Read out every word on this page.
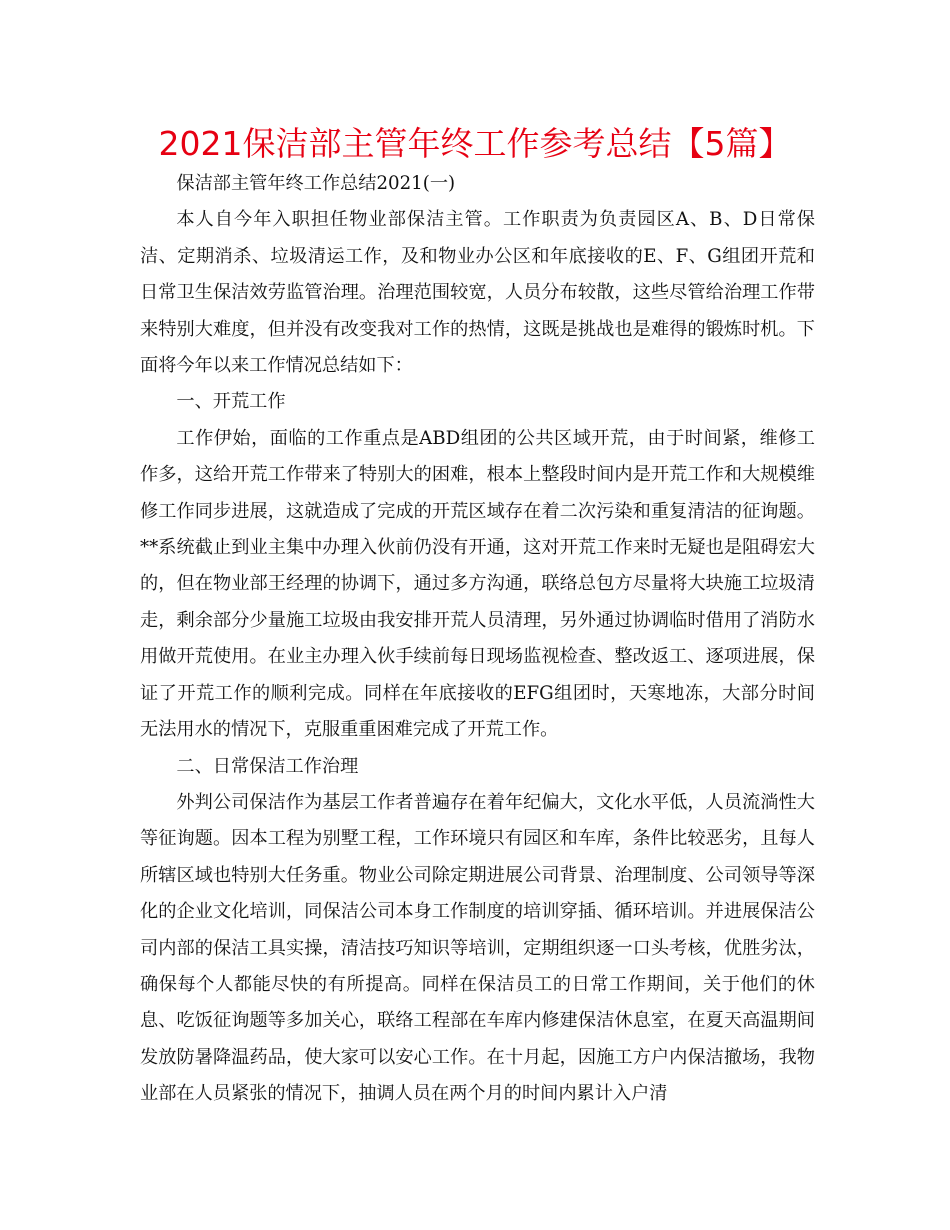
2021保洁部主管年终工作参考总结【5篇】

保洁部主管年终工作总结2021(一)

本人自今年入职担任物业部保洁主管。工作职责为负责园区A、B、D日常保洁、定期消杀、垃圾清运工作，及和物业办公区和年底接收的E、F、G组团开荒和日常卫生保洁效劳监管治理。治理范围较宽，人员分布较散，这些尽管给治理工作带来特别大难度，但并没有改变我对工作的热情，这既是挑战也是难得的锻炼时机。下面将今年以来工作情况总结如下：

一、开荒工作

工作伊始，面临的工作重点是ABD组团的公共区域开荒，由于时间紧，维修工作多，这给开荒工作带来了特别大的困难，根本上整段时间内是开荒工作和大规模维修工作同步进展，这就造成了完成的开荒区域存在着二次污染和重复清洁的征询题。**系统截止到业主集中办理入伙前仍没有开通，这对开荒工作来时无疑也是阻碍宏大的，但在物业部王经理的协调下，通过多方沟通，联络总包方尽量将大块施工垃圾清走，剩余部分少量施工垃圾由我安排开荒人员清理，另外通过协调临时借用了消防水用做开荒使用。在业主办理入伙手续前每日现场监视检查、整改返工、逐项进展，保证了开荒工作的顺利完成。同样在年底接收的EFG组团时，天寒地冻，大部分时间无法用水的情况下，克服重重困难完成了开荒工作。

二、日常保洁工作治理

外判公司保洁作为基层工作者普遍存在着年纪偏大，文化水平低，人员流淌性大等征询题。因本工程为别墅工程，工作环境只有园区和车库，条件比较恶劣，且每人所辖区域也特别大任务重。物业公司除定期进展公司背景、治理制度、公司领导等深化的企业文化培训，同保洁公司本身工作制度的培训穿插、循环培训。并进展保洁公司内部的保洁工具实操，清洁技巧知识等培训，定期组织逐一口头考核，优胜劣汰，确保每个人都能尽快的有所提高。同样在保洁员工的日常工作期间，关于他们的休息、吃饭征询题等多加关心，联络工程部在车库内修建保洁休息室，在夏天高温期间发放防暑降温药品，使大家可以安心工作。在十月起，因施工方户内保洁撤场，我物业部在人员紧张的情况下，抽调人员在两个月的时间内累计入户清
